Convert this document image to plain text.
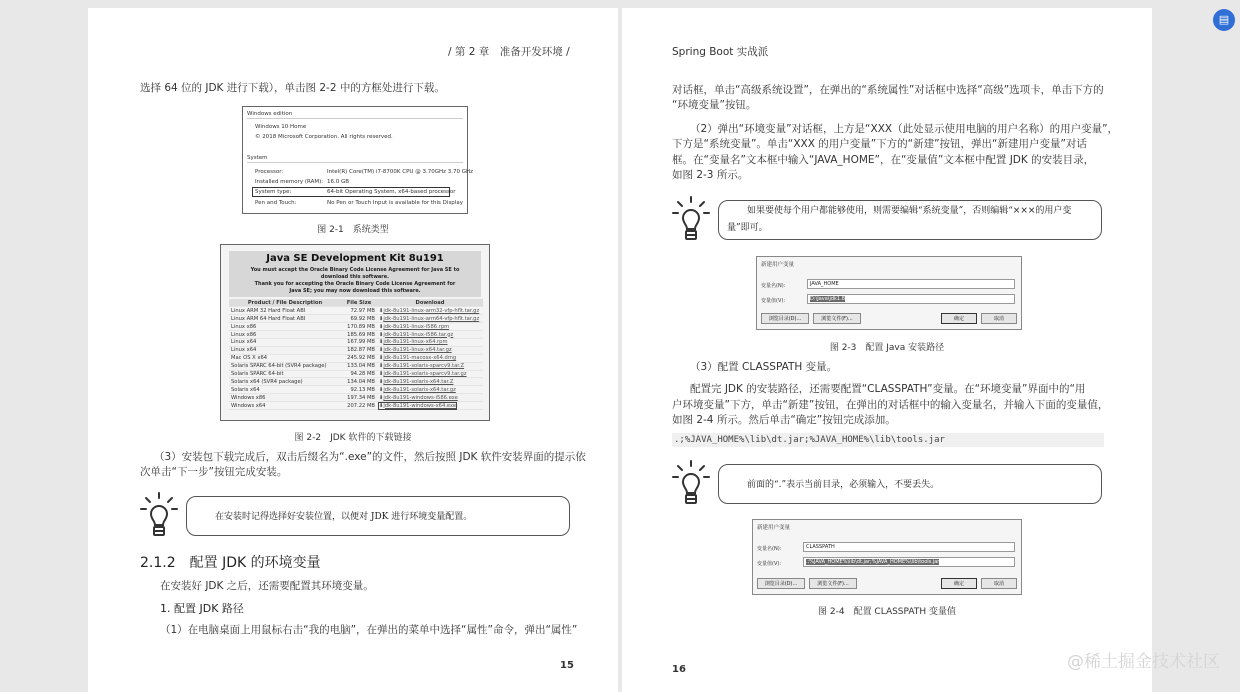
/ 第 2 章　准备开发环境 /
选择 64 位的 JDK 进行下载），单击图 2-2 中的方框处进行下载。
Windows edition
Windows 10 Home
© 2018 Microsoft Corporation. All rights reserved.
System
Processor:	Intel(R) Core(TM) i7-8700K CPU @ 3.70GHz 3.70 GHz
Installed memory (RAM): 16.0 GB
System type:	64-bit Operating System, x64-based processor
Pen and Touch:	No Pen or Touch Input is available for this Display
图 2-1　系统类型
Java SE Development Kit 8u191
You must accept the Oracle Binary Code License Agreement for Java SE to download this software.
Thank you for accepting the Oracle Binary Code License Agreement for Java SE; you may now download this software.
Product / File Description	File Size	Download
Linux ARM 32 Hard Float ABI	72.97 MB	⬇jdk-8u191-linux-arm32-vfp-hflt.tar.gz
Linux ARM 64 Hard Float ABI	69.92 MB	⬇jdk-8u191-linux-arm64-vfp-hflt.tar.gz
Linux x86	170.89 MB	⬇jdk-8u191-linux-i586.rpm
Linux x86	185.69 MB	⬇jdk-8u191-linux-i586.tar.gz
Linux x64	167.99 MB	⬇jdk-8u191-linux-x64.rpm
Linux x64	182.87 MB	⬇jdk-8u191-linux-x64.tar.gz
Mac OS X x64	245.92 MB	⬇jdk-8u191-macosx-x64.dmg
Solaris SPARC 64-bit (SVR4 package)	133.04 MB	⬇jdk-8u191-solaris-sparcv9.tar.Z
Solaris SPARC 64-bit	94.28 MB	⬇jdk-8u191-solaris-sparcv9.tar.gz
Solaris x64 (SVR4 package)	134.04 MB	⬇jdk-8u191-solaris-x64.tar.Z
Solaris x64	92.13 MB	⬇jdk-8u191-solaris-x64.tar.gz
Windows x86	197.34 MB	⬇jdk-8u191-windows-i586.exe
Windows x64	207.22 MB	⬇jdk-8u191-windows-x64.exe
图 2-2　JDK 软件的下载链接
（3）安装包下载完成后，双击后缀名为“.exe”的文件，然后按照 JDK 软件安装界面的提示依
次单击“下一步”按钮完成安装。
在安装时记得选择好安装位置，以便对 JDK 进行环境变量配置。
2.1.2　配置 JDK 的环境变量
在安装好 JDK 之后，还需要配置其环境变量。
1. 配置 JDK 路径
（1）在电脑桌面上用鼠标右击“我的电脑”，在弹出的菜单中选择“属性”命令，弹出“属性”
15
Spring Boot 实战派
对话框，单击“高级系统设置”，在弹出的“系统属性”对话框中选择“高级”选项卡，单击下方的
“环境变量”按钮。
（2）弹出“环境变量”对话框，上方是“XXX（此处显示使用电脑的用户名称）的用户变量”，
下方是“系统变量”。单击“XXX 的用户变量”下方的“新建”按钮，弹出“新建用户变量”对话
框。在“变量名”文本框中输入“JAVA_HOME”，在“变量值”文本框中配置 JDK 的安装目录，
如图 2-3 所示。
如果要使每个用户都能够使用，则需要编辑“系统变量”，否则编辑“×××的用户变
量”即可。
新建用户变量
变量名(N):	JAVA_HOME
变量值(V):	D:\Java\jdk1.8
浏览目录(D)...	浏览文件(F)...	确定	取消
图 2-3　配置 Java 安装路径
（3）配置 CLASSPATH 变量。
配置完 JDK 的安装路径，还需要配置“CLASSPATH”变量。在“环境变量”界面中的“用
户环境变量”下方，单击“新建”按钮，在弹出的对话框中的输入变量名，并输入下面的变量值，
如图 2-4 所示。然后单击“确定”按钮完成添加。
.;%JAVA_HOME%\lib\dt.jar;%JAVA_HOME%\lib\tools.jar
前面的“.”表示当前目录，必须输入，不要丢失。
新建用户变量
变量名(N):	CLASSPATH
变量值(V):	.;%JAVA_HOME%\lib\dt.jar;%JAVA_HOME%\lib\tools.jar
浏览目录(D)...	浏览文件(F)...	确定	取消
图 2-4　配置 CLASSPATH 变量值
16
▤
@稀土掘金技术社区
